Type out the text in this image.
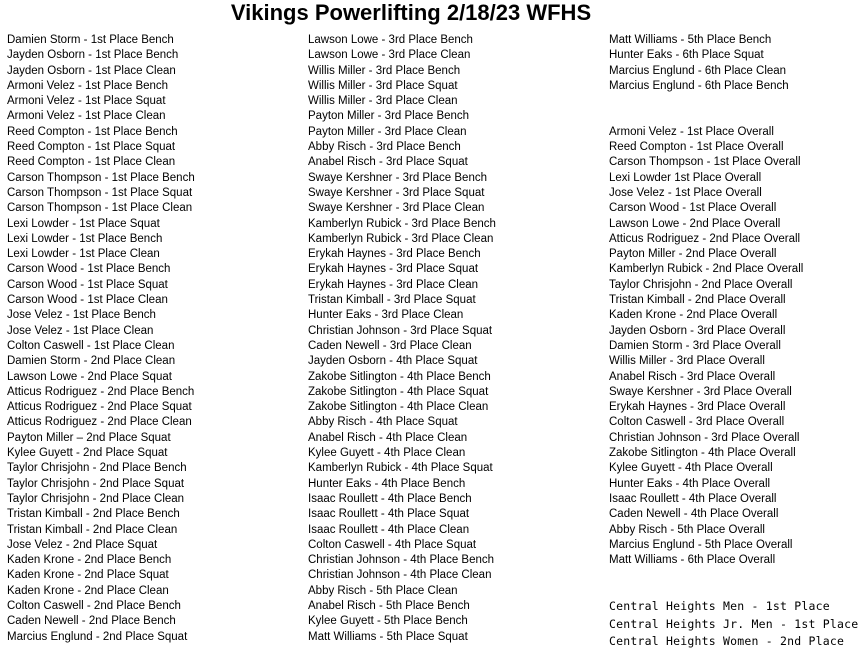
Vikings Powerlifting 2/18/23 WFHS
Damien Storm - 1st Place Bench
Jayden Osborn - 1st Place Bench
Jayden Osborn - 1st Place Clean
Armoni Velez - 1st Place Bench
Armoni Velez - 1st Place Squat
Armoni Velez - 1st Place Clean
Reed Compton - 1st Place Bench
Reed Compton - 1st Place Squat
Reed Compton - 1st Place Clean
Carson Thompson - 1st Place Bench
Carson Thompson - 1st Place Squat
Carson Thompson - 1st Place Clean
Lexi Lowder - 1st Place Squat
Lexi Lowder - 1st Place Bench
Lexi Lowder - 1st Place Clean
Carson Wood - 1st Place Bench
Carson Wood - 1st Place Squat
Carson Wood - 1st Place Clean
Jose Velez - 1st Place Bench
Jose Velez - 1st Place Clean
Colton Caswell - 1st Place Clean
Damien Storm - 2nd Place Clean
Lawson Lowe - 2nd Place Squat
Atticus Rodriguez - 2nd Place Bench
Atticus Rodriguez - 2nd Place Squat
Atticus Rodriguez - 2nd Place Clean
Payton Miller – 2nd Place Squat
Kylee Guyett - 2nd Place Squat
Taylor Chrisjohn - 2nd Place Bench
Taylor Chrisjohn - 2nd Place Squat
Taylor Chrisjohn - 2nd Place Clean
Tristan Kimball - 2nd Place Bench
Tristan Kimball - 2nd Place Clean
Jose Velez - 2nd Place Squat
Kaden Krone - 2nd Place Bench
Kaden Krone - 2nd Place Squat
Kaden Krone - 2nd Place Clean
Colton Caswell - 2nd Place Bench
Caden Newell - 2nd Place Bench
Marcius Englund - 2nd Place Squat
Lawson Lowe - 3rd Place Bench
Lawson Lowe - 3rd Place Clean
Willis Miller - 3rd Place Bench
Willis Miller - 3rd Place Squat
Willis Miller - 3rd Place Clean
Payton Miller - 3rd Place Bench
Payton Miller - 3rd Place Clean
Abby Risch - 3rd Place Bench
Anabel Risch - 3rd Place Squat
Swaye Kershner - 3rd Place Bench
Swaye Kershner - 3rd Place Squat
Swaye Kershner - 3rd Place Clean
Kamberlyn Rubick - 3rd Place Bench
Kamberlyn Rubick - 3rd Place Clean
Erykah Haynes - 3rd Place Bench
Erykah Haynes - 3rd Place Squat
Erykah Haynes - 3rd Place Clean
Tristan Kimball - 3rd Place Squat
Hunter Eaks - 3rd Place Clean
Christian Johnson - 3rd Place Squat
Caden Newell - 3rd Place Clean
Jayden Osborn - 4th Place Squat
Zakobe Sitlington - 4th Place Bench
Zakobe Sitlington - 4th Place Squat
Zakobe Sitlington - 4th Place Clean
Abby Risch - 4th Place Squat
Anabel Risch - 4th Place Clean
Kylee Guyett - 4th Place Clean
Kamberlyn Rubick - 4th Place Squat
Hunter Eaks - 4th Place Bench
Isaac Roullett - 4th Place Bench
Isaac Roullett - 4th Place Squat
Isaac Roullett - 4th Place Clean
Colton Caswell - 4th Place Squat
Christian Johnson - 4th Place Bench
Christian Johnson - 4th Place Clean
Abby Risch - 5th Place Clean
Anabel Risch - 5th Place Bench
Kylee Guyett - 5th Place Bench
Matt Williams - 5th Place Squat
Matt Williams - 5th Place Bench
Hunter Eaks - 6th Place Squat
Marcius Englund - 6th Place Clean
Marcius Englund - 6th Place Bench
Armoni Velez - 1st Place Overall
Reed Compton - 1st Place Overall
Carson Thompson - 1st Place Overall
Lexi Lowder 1st Place Overall
Jose Velez - 1st Place Overall
Carson Wood - 1st Place Overall
Lawson Lowe - 2nd Place Overall
Atticus Rodriguez - 2nd Place Overall
Payton Miller - 2nd Place Overall
Kamberlyn Rubick - 2nd Place Overall
Taylor Chrisjohn - 2nd Place Overall
Tristan Kimball - 2nd Place Overall
Kaden Krone - 2nd Place Overall
Jayden Osborn - 3rd Place Overall
Damien Storm - 3rd Place Overall
Willis Miller - 3rd Place Overall
Anabel Risch - 3rd Place Overall
Swaye Kershner - 3rd Place Overall
Erykah Haynes - 3rd Place Overall
Colton Caswell - 3rd Place Overall
Christian Johnson - 3rd Place Overall
Zakobe Sitlington - 4th Place Overall
Kylee Guyett - 4th Place Overall
Hunter Eaks - 4th Place Overall
Isaac Roullett - 4th Place Overall
Caden Newell - 4th Place Overall
Abby Risch - 5th Place Overall
Marcius Englund - 5th Place Overall
Matt Williams - 6th Place Overall
Central Heights Men - 1st Place
Central Heights Jr. Men - 1st Place
Central Heights Women - 2nd Place
